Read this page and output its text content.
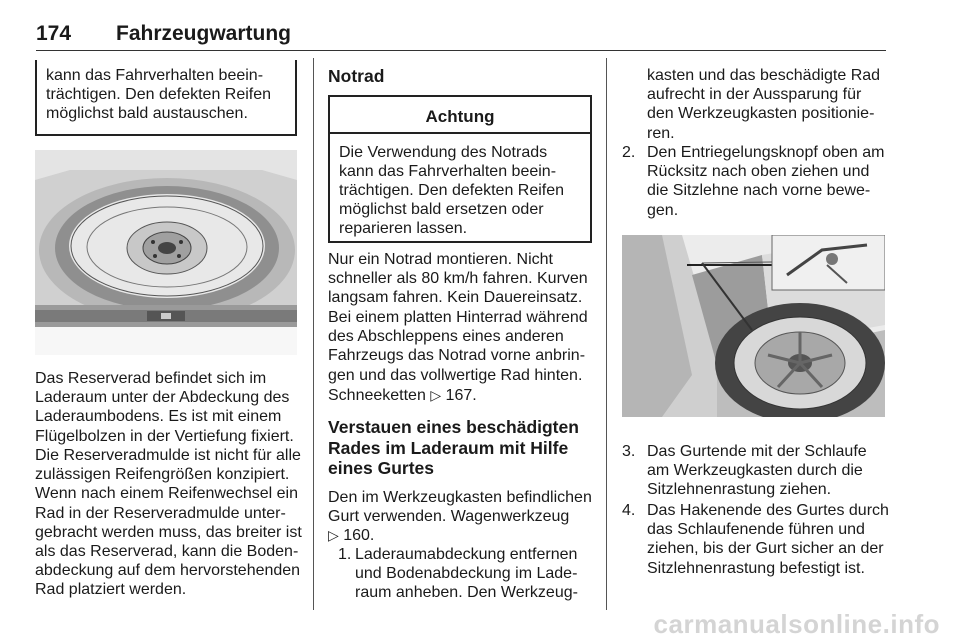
174 Fahrzeugwartung
kann das Fahrverhalten beein-
trächtigen. Den defekten Reifen
möglichst bald austauschen.

Das Reserverad befindet sich im
Laderaum unter der Abdeckung des
Laderaumbodens. Es ist mit einem
Flügelbolzen in der Vertiefung fixiert.

Die Reserveradmulde ist nicht für alle
zulässigen Reifengrößen konzipiert.
Wenn nach einem Reifenwechsel ein
Rad in der Reserveradmulde unter-
gebracht werden muss, das breiter ist
als das Reserverad, kann die Boden-
abdeckung auf dem hervorstehenden
Rad platziert werden.

Notrad
Achtung
Die Verwendung des Notrads
kann das Fahrverhalten beein-
trächtigen. Den defekten Reifen
möglichst bald ersetzen oder
reparieren lassen.

Nur ein Notrad montieren. Nicht
schneller als 80 km/h fahren. Kurven
langsam fahren. Kein Dauereinsatz.

Bei einem platten Hinterrad während
des Abschleppens eines anderen
Fahrzeugs das Notrad vorne anbrin-
gen und das vollwertige Rad hinten.

Schneeketten ▷ 167.

Verstauen eines beschädigten
Rades im Laderaum mit Hilfe
eines Gurtes

Den im Werkzeugkasten befindlichen
Gurt verwenden. Wagenwerkzeug
▷ 160.

1. Laderaumabdeckung entfernen
und Bodenabdeckung im Lade-
raum anheben. Den Werkzeug-
kasten und das beschädigte Rad
aufrecht in der Aussparung für
den Werkzeugkasten positionie-
ren.
2. Den Entriegelungsknopf oben am
Rücksitz nach oben ziehen und
die Sitzlehne nach vorne bewe-
gen.
3. Das Gurtende mit der Schlaufe
am Werkzeugkasten durch die
Sitzlehnenrastung ziehen.
4. Das Hakenende des Gurtes durch
das Schlaufenende führen und
ziehen, bis der Gurt sicher an der
Sitzlehnenrastung befestigt ist.
carmanualsonline.info
